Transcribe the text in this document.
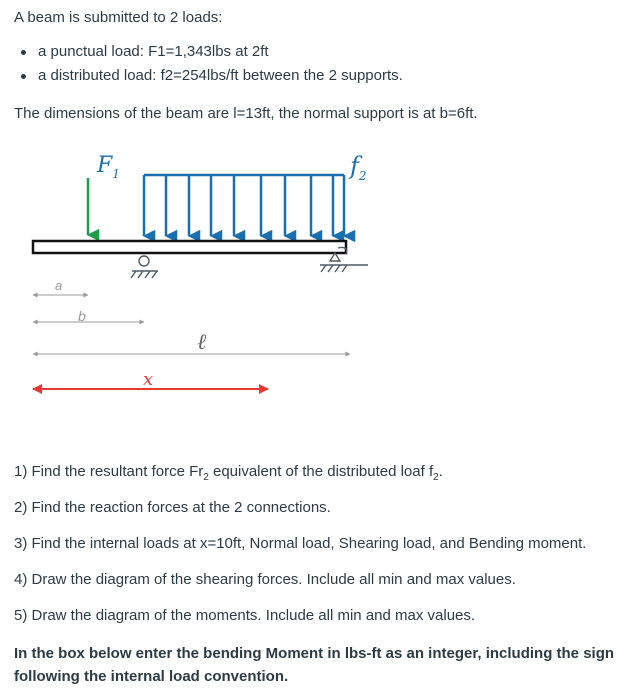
A beam is submitted to 2 loads:

a punctual load: F1=1,343lbs at 2ft
a distributed load: f2=254lbs/ft between the 2 supports.

The dimensions of the beam are l=13ft, the normal support is at b=6ft.

$F_1$	$f_2$
a
b
ℓ
x
1) Find the resultant force $Fr_2$ equivalent of the distributed loaf $f_2$.
2) Find the reaction forces at the 2 connections.
3) Find the internal loads at x=10ft, Normal load, Shearing load, and Bending moment.
4) Draw the diagram of the shearing forces. Include all min and max values.
5) Draw the diagram of the moments. Include all min and max values.

In the box below enter the bending Moment in lbs-ft as an integer, including the sign following the internal load convention.
